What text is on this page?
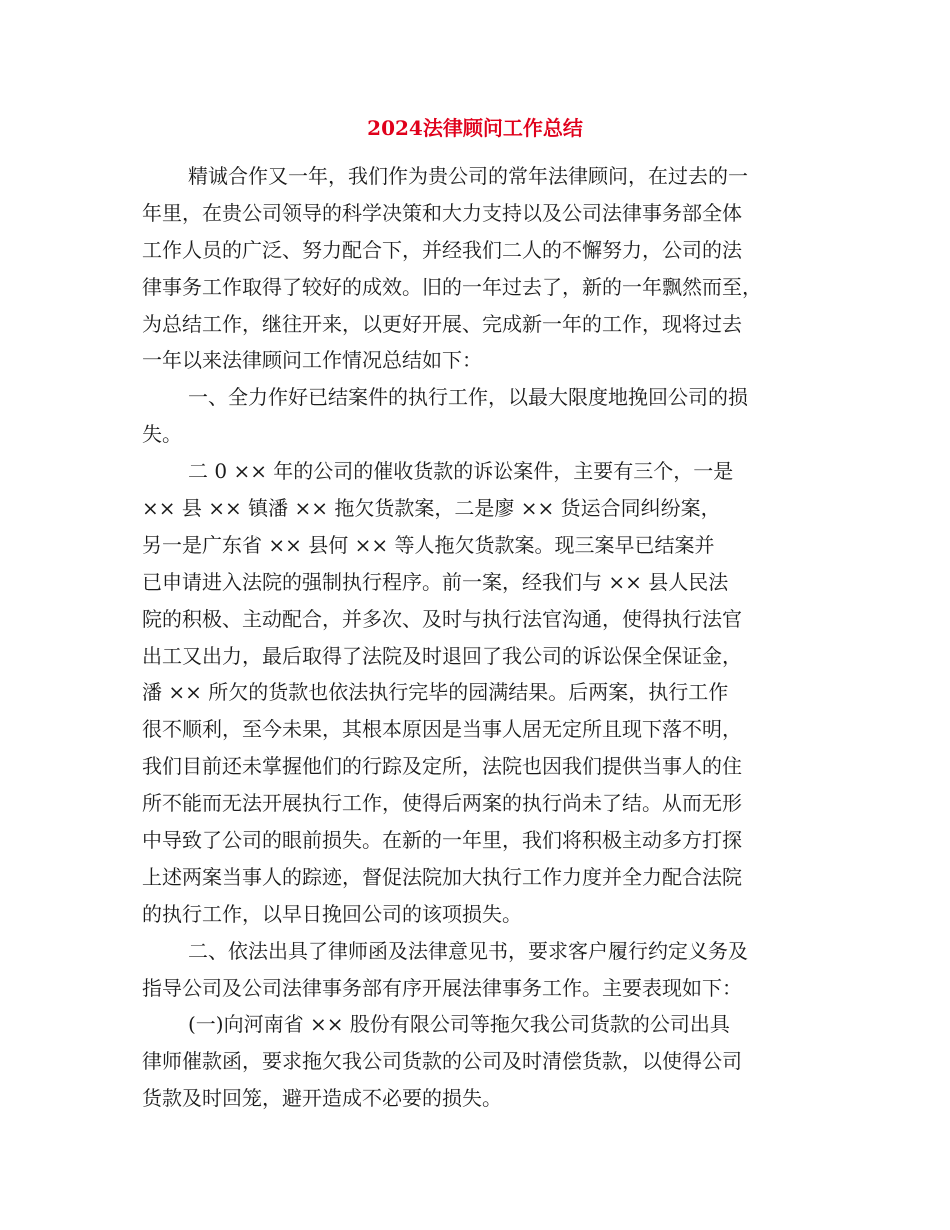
2024法律顾问工作总结
精诚合作又一年，我们作为贵公司的常年法律顾问，在过去的一
年里，在贵公司领导的科学决策和大力支持以及公司法律事务部全体
工作人员的广泛、努力配合下，并经我们二人的不懈努力，公司的法
律事务工作取得了较好的成效。旧的一年过去了，新的一年飘然而至，
为总结工作，继往开来，以更好开展、完成新一年的工作，现将过去
一年以来法律顾问工作情况总结如下：
一、全力作好已结案件的执行工作，以最大限度地挽回公司的损
失。
二 0 ×× 年的公司的催收货款的诉讼案件，主要有三个，一是
×× 县 ×× 镇潘 ×× 拖欠货款案，二是廖 ×× 货运合同纠纷案，
另一是广东省 ×× 县何 ×× 等人拖欠货款案。现三案早已结案并
已申请进入法院的强制执行程序。前一案，经我们与 ×× 县人民法
院的积极、主动配合，并多次、及时与执行法官沟通，使得执行法官
出工又出力，最后取得了法院及时退回了我公司的诉讼保全保证金，
潘 ×× 所欠的货款也依法执行完毕的园满结果。后两案，执行工作
很不顺利，至今未果，其根本原因是当事人居无定所且现下落不明，
我们目前还未掌握他们的行踪及定所，法院也因我们提供当事人的住
所不能而无法开展执行工作，使得后两案的执行尚未了结。从而无形
中导致了公司的眼前损失。在新的一年里，我们将积极主动多方打探
上述两案当事人的踪迹，督促法院加大执行工作力度并全力配合法院
的执行工作，以早日挽回公司的该项损失。
二、依法出具了律师函及法律意见书，要求客户履行约定义务及
指导公司及公司法律事务部有序开展法律事务工作。主要表现如下：
(一)向河南省 ×× 股份有限公司等拖欠我公司货款的公司出具
律师催款函，要求拖欠我公司货款的公司及时清偿货款，以使得公司
货款及时回笼，避开造成不必要的损失。
